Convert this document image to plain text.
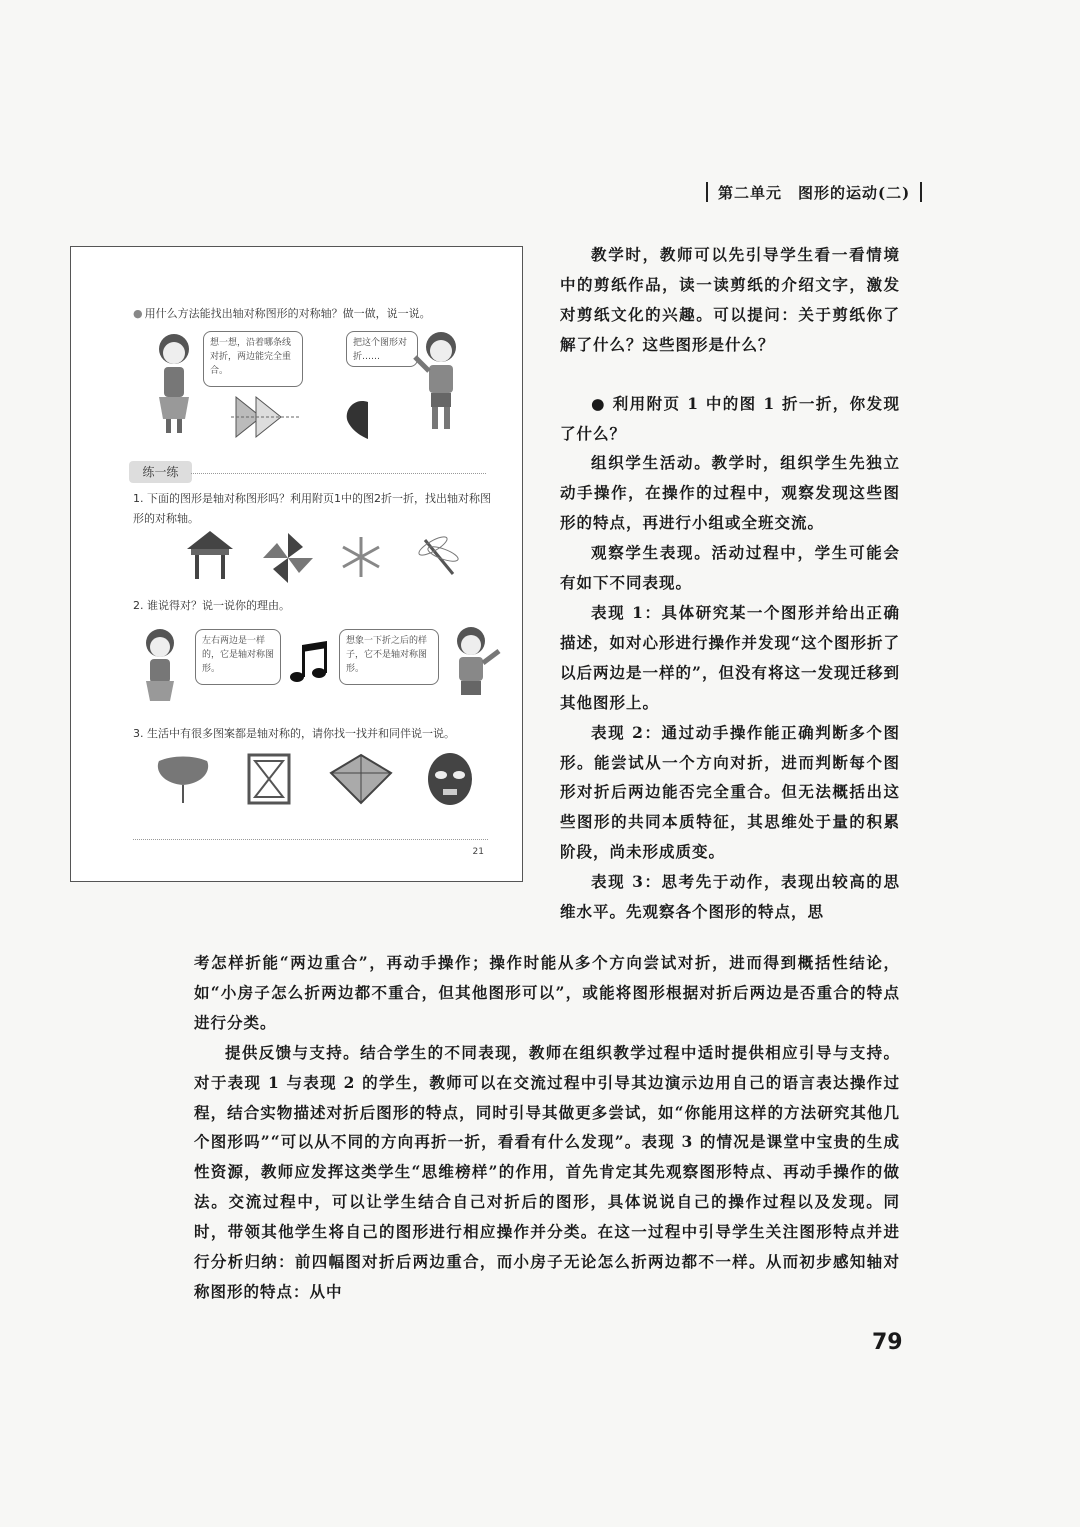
第二单元　图形的运动(二)
● 用什么方法能找出轴对称图形的对称轴？做一做，说一说。
想一想，沿着哪条线对折，两边能完全重合。
把这个图形对折……
练一练
1. 下面的图形是轴对称图形吗？利用附页1中的图2折一折，找出轴对称图形的对称轴。
2. 谁说得对？说一说你的理由。
左右两边是一样的，它是轴对称图形。
想象一下折之后的样子，它不是轴对称图形。
3. 生活中有很多图案都是轴对称的，请你找一找并和同伴说一说。
21

教学时，教师可以先引导学生看一看情境中的剪纸作品，读一读剪纸的介绍文字，激发对剪纸文化的兴趣。可以提问：关于剪纸你了解了什么？这些图形是什么？

● 利用附页 1 中的图 1 折一折，你发现了什么？

组织学生活动。教学时，组织学生先独立动手操作，在操作的过程中，观察发现这些图形的特点，再进行小组或全班交流。

观察学生表现。活动过程中，学生可能会有如下不同表现。

表现 1：具体研究某一个图形并给出正确描述，如对心形进行操作并发现“这个图形折了以后两边是一样的”，但没有将这一发现迁移到其他图形上。

表现 2：通过动手操作能正确判断多个图形。能尝试从一个方向对折，进而判断每个图形对折后两边能否完全重合。但无法概括出这些图形的共同本质特征，其思维处于量的积累阶段，尚未形成质变。

表现 3：思考先于动作，表现出较高的思维水平。先观察各个图形的特点，思

考怎样折能“两边重合”，再动手操作；操作时能从多个方向尝试对折，进而得到概括性结论，如“小房子怎么折两边都不重合，但其他图形可以”，或能将图形根据对折后两边是否重合的特点进行分类。

提供反馈与支持。结合学生的不同表现，教师在组织教学过程中适时提供相应引导与支持。对于表现 1 与表现 2 的学生，教师可以在交流过程中引导其边演示边用自己的语言表达操作过程，结合实物描述对折后图形的特点，同时引导其做更多尝试，如“你能用这样的方法研究其他几个图形吗”“可以从不同的方向再折一折，看看有什么发现”。表现 3 的情况是课堂中宝贵的生成性资源，教师应发挥这类学生“思维榜样”的作用，首先肯定其先观察图形特点、再动手操作的做法。交流过程中，可以让学生结合自己对折后的图形，具体说说自己的操作过程以及发现。同时，带领其他学生将自己的图形进行相应操作并分类。在这一过程中引导学生关注图形特点并进行分析归纳：前四幅图对折后两边重合，而小房子无论怎么折两边都不一样。从而初步感知轴对称图形的特点：从中

79
